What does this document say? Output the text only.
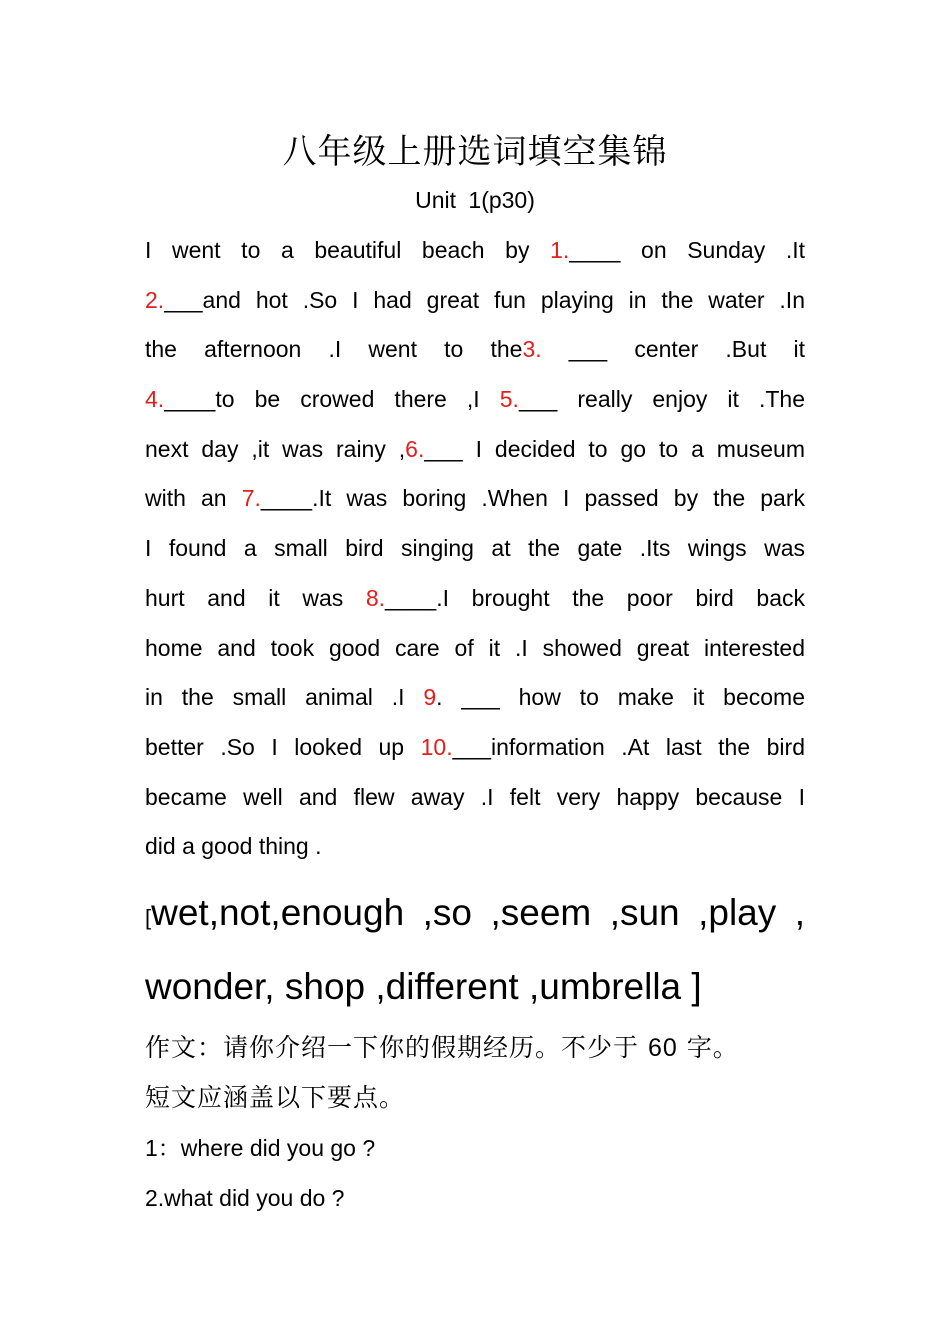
八年级上册选词填空集锦
Unit 1(p30)
I went to a beautiful beach by 1.____ on Sunday .It
2.___and hot .So I had great fun playing in the water .In
the afternoon .I went to the3. ___ center .But it
4.____to be crowed there ,I 5.___ really enjoy it .The
next day ,it was rainy ,6.___ I decided to go to a museum
with an 7.____.It was boring .When I passed by the park
I found a small bird singing at the gate .Its wings was
hurt and it was 8.____.I brought the poor bird back
home and took good care of it .I showed great interested
in the small animal .I 9. ___ how to make it become
better .So I looked up 10.___information .At last the bird
became well and flew away .I felt very happy because I
did a good thing .
[wet,not,enough ,so ,seem ,sun ,play ,
wonder, shop ,different ,umbrella ]
作文：请你介绍一下你的假期经历。不少于 60 字。
短文应涵盖以下要点。
1：where did you go ?
2.what did you do ?
